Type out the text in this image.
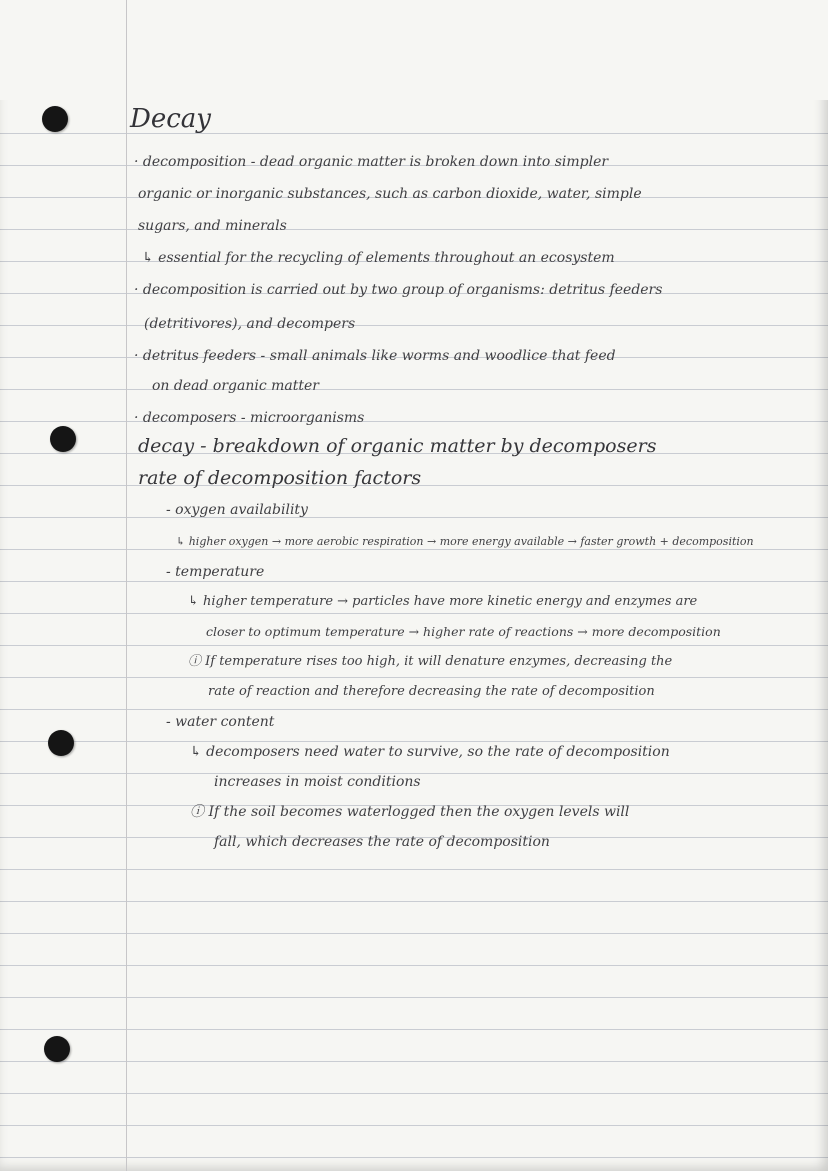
Decay
· decomposition - dead organic matter is broken down into simpler
organic or inorganic substances, such as carbon dioxide, water, simple
sugars, and minerals
↳ essential for the recycling of elements throughout an ecosystem
· decomposition is carried out by two group of organisms: detritus feeders
(detritivores), and decompers
· detritus feeders - small animals like worms and woodlice that feed
on dead organic matter
· decomposers - microorganisms
decay - breakdown of organic matter by decomposers
rate of decomposition factors
- oxygen availability
↳ higher oxygen → more aerobic respiration → more energy available → faster growth + decomposition
- temperature
↳ higher temperature → particles have more kinetic energy and enzymes are
closer to optimum temperature → higher rate of reactions → more decomposition
ⓘ If temperature rises too high, it will denature enzymes, decreasing the
rate of reaction and therefore decreasing the rate of decomposition
- water content
↳ decomposers need water to survive, so the rate of decomposition
increases in moist conditions
ⓘ If the soil becomes waterlogged then the oxygen levels will
fall, which decreases the rate of decomposition
